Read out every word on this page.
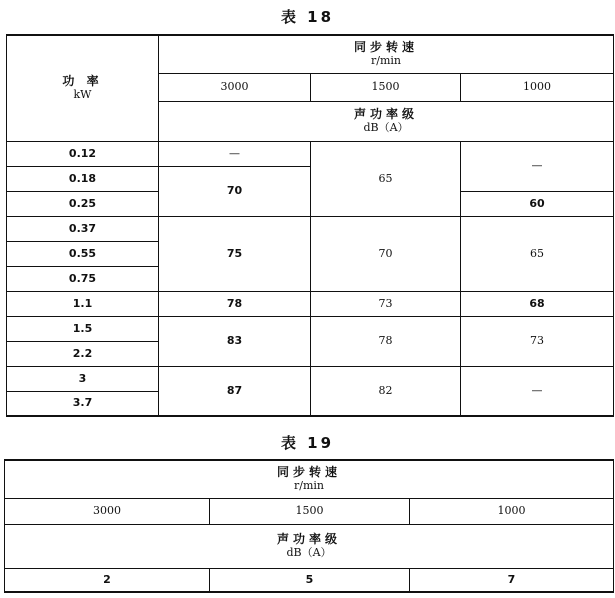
表 18
功 率
kW	同步转速
r/min		

	3000	1500	1000

	声功率级
dB（A）		

0.12	—	65	—
0.18	70		
0.25			60
0.37	75	70	65
0.55			
0.75			
1.1	78	73	68
1.5	83	78	73
2.2			
3	87	82	—
3.7			
表 19
同步转速
r/min		

3000	1500	1000

声功率级
dB（A）		

2	5	7
